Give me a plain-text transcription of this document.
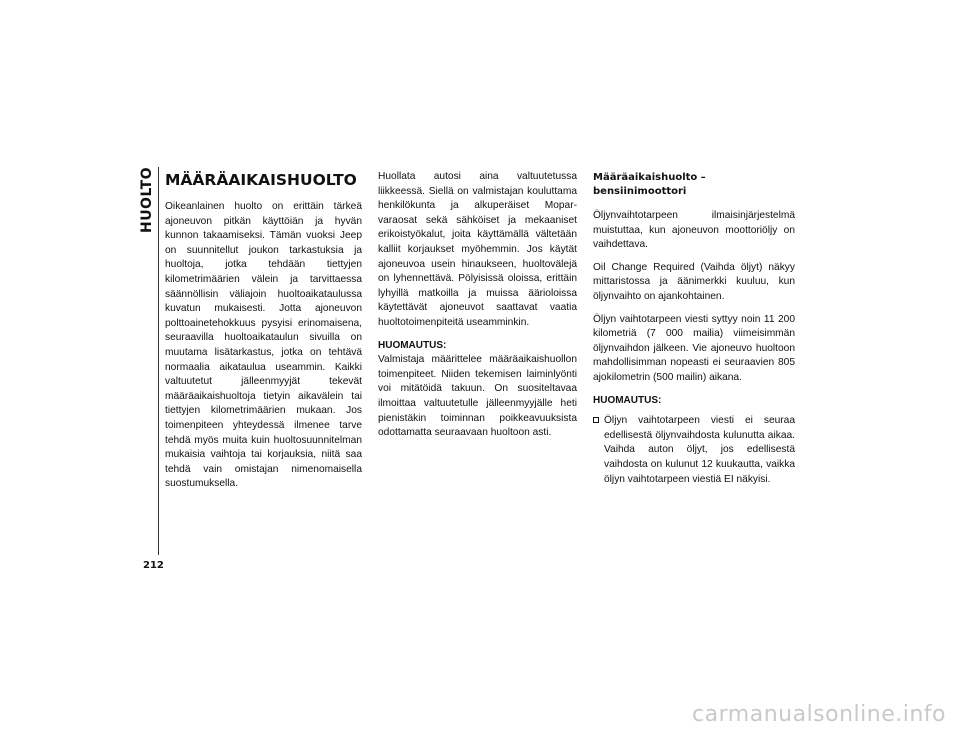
HUOLTO MÄÄRÄAIKAISHUOLTO

Oikeanlainen huolto on erittäin tärkeä ajoneuvon pitkän käyttöiän ja hyvän kunnon takaamiseksi. Tämän vuoksi Jeep on suunnitellut joukon tarkastuksia ja huoltoja, jotka tehdään tiettyjen kilometrimäärien välein ja tarvittaessa säännöllisin väliajoin huoltoaikataulussa kuvatun mukaisesti. Jotta ajoneuvon polttoainetehokkuus pysyisi erinomaisena, seuraavilla huoltoaikataulun sivuilla on muutama lisätarkastus, jotka on tehtävä normaalia aikataulua useammin. Kaikki valtuutetut jälleenmyyjät tekevät määräaikaishuoltoja tietyin aikavälein tai tiettyjen kilometrimäärien mukaan. Jos toimenpiteen yhteydessä ilmenee tarve tehdä myös muita kuin huoltosuunnitelman mukaisia vaihtoja tai korjauksia, niitä saa tehdä vain omistajan nimenomaisella suostumuksella.

Huollata autosi aina valtuutetussa liikkeessä. Siellä on valmistajan kouluttama henkilökunta ja alkuperäiset Mopar-varaosat sekä sähköiset ja mekaaniset erikoistyökalut, joita käyttämällä vältetään kalliit korjaukset myöhemmin. Jos käytät ajoneuvoa usein hinaukseen, huoltovälejä on lyhennettävä. Pölyisissä oloissa, erittäin lyhyillä matkoilla ja muissa äärioloissa käytettävät ajoneuvot saattavat vaatia huoltotoimenpiteitä useamminkin.

HUOMAUTUS:

Valmistaja määrittelee määräaikaishuollon toimenpiteet. Niiden tekemisen laiminlyönti voi mitätöidä takuun. On suositeltavaa ilmoittaa valtuutetulle jälleenmyyjälle heti pienistäkin toiminnan poikkeavuuksista odottamatta seuraavaan huoltoon asti.

Määräaikaishuolto – bensiinimoottori

Öljynvaihtotarpeen ilmaisinjärjestelmä muistuttaa, kun ajoneuvon moottoriöljy on vaihdettava.

Oil Change Required (Vaihda öljyt) näkyy mittaristossa ja äänimerkki kuuluu, kun öljynvaihto on ajankohtainen.

Öljyn vaihtotarpeen viesti syttyy noin 11 200 kilometriä (7 000 mailia) viimeisimmän öljynvaihdon jälkeen. Vie ajoneuvo huoltoon mahdollisimman nopeasti ei seuraavien 805 ajokilometrin (500 mailin) aikana.

HUOMAUTUS:
Öljyn vaihtotarpeen viesti ei seuraa edellisestä öljynvaihdosta kulunutta aikaa. Vaihda auton öljyt, jos edellisestä vaihdosta on kulunut 12 kuukautta, vaikka öljyn vaihtotarpeen viestiä EI näkyisi.
212
carmanualsonline.info
